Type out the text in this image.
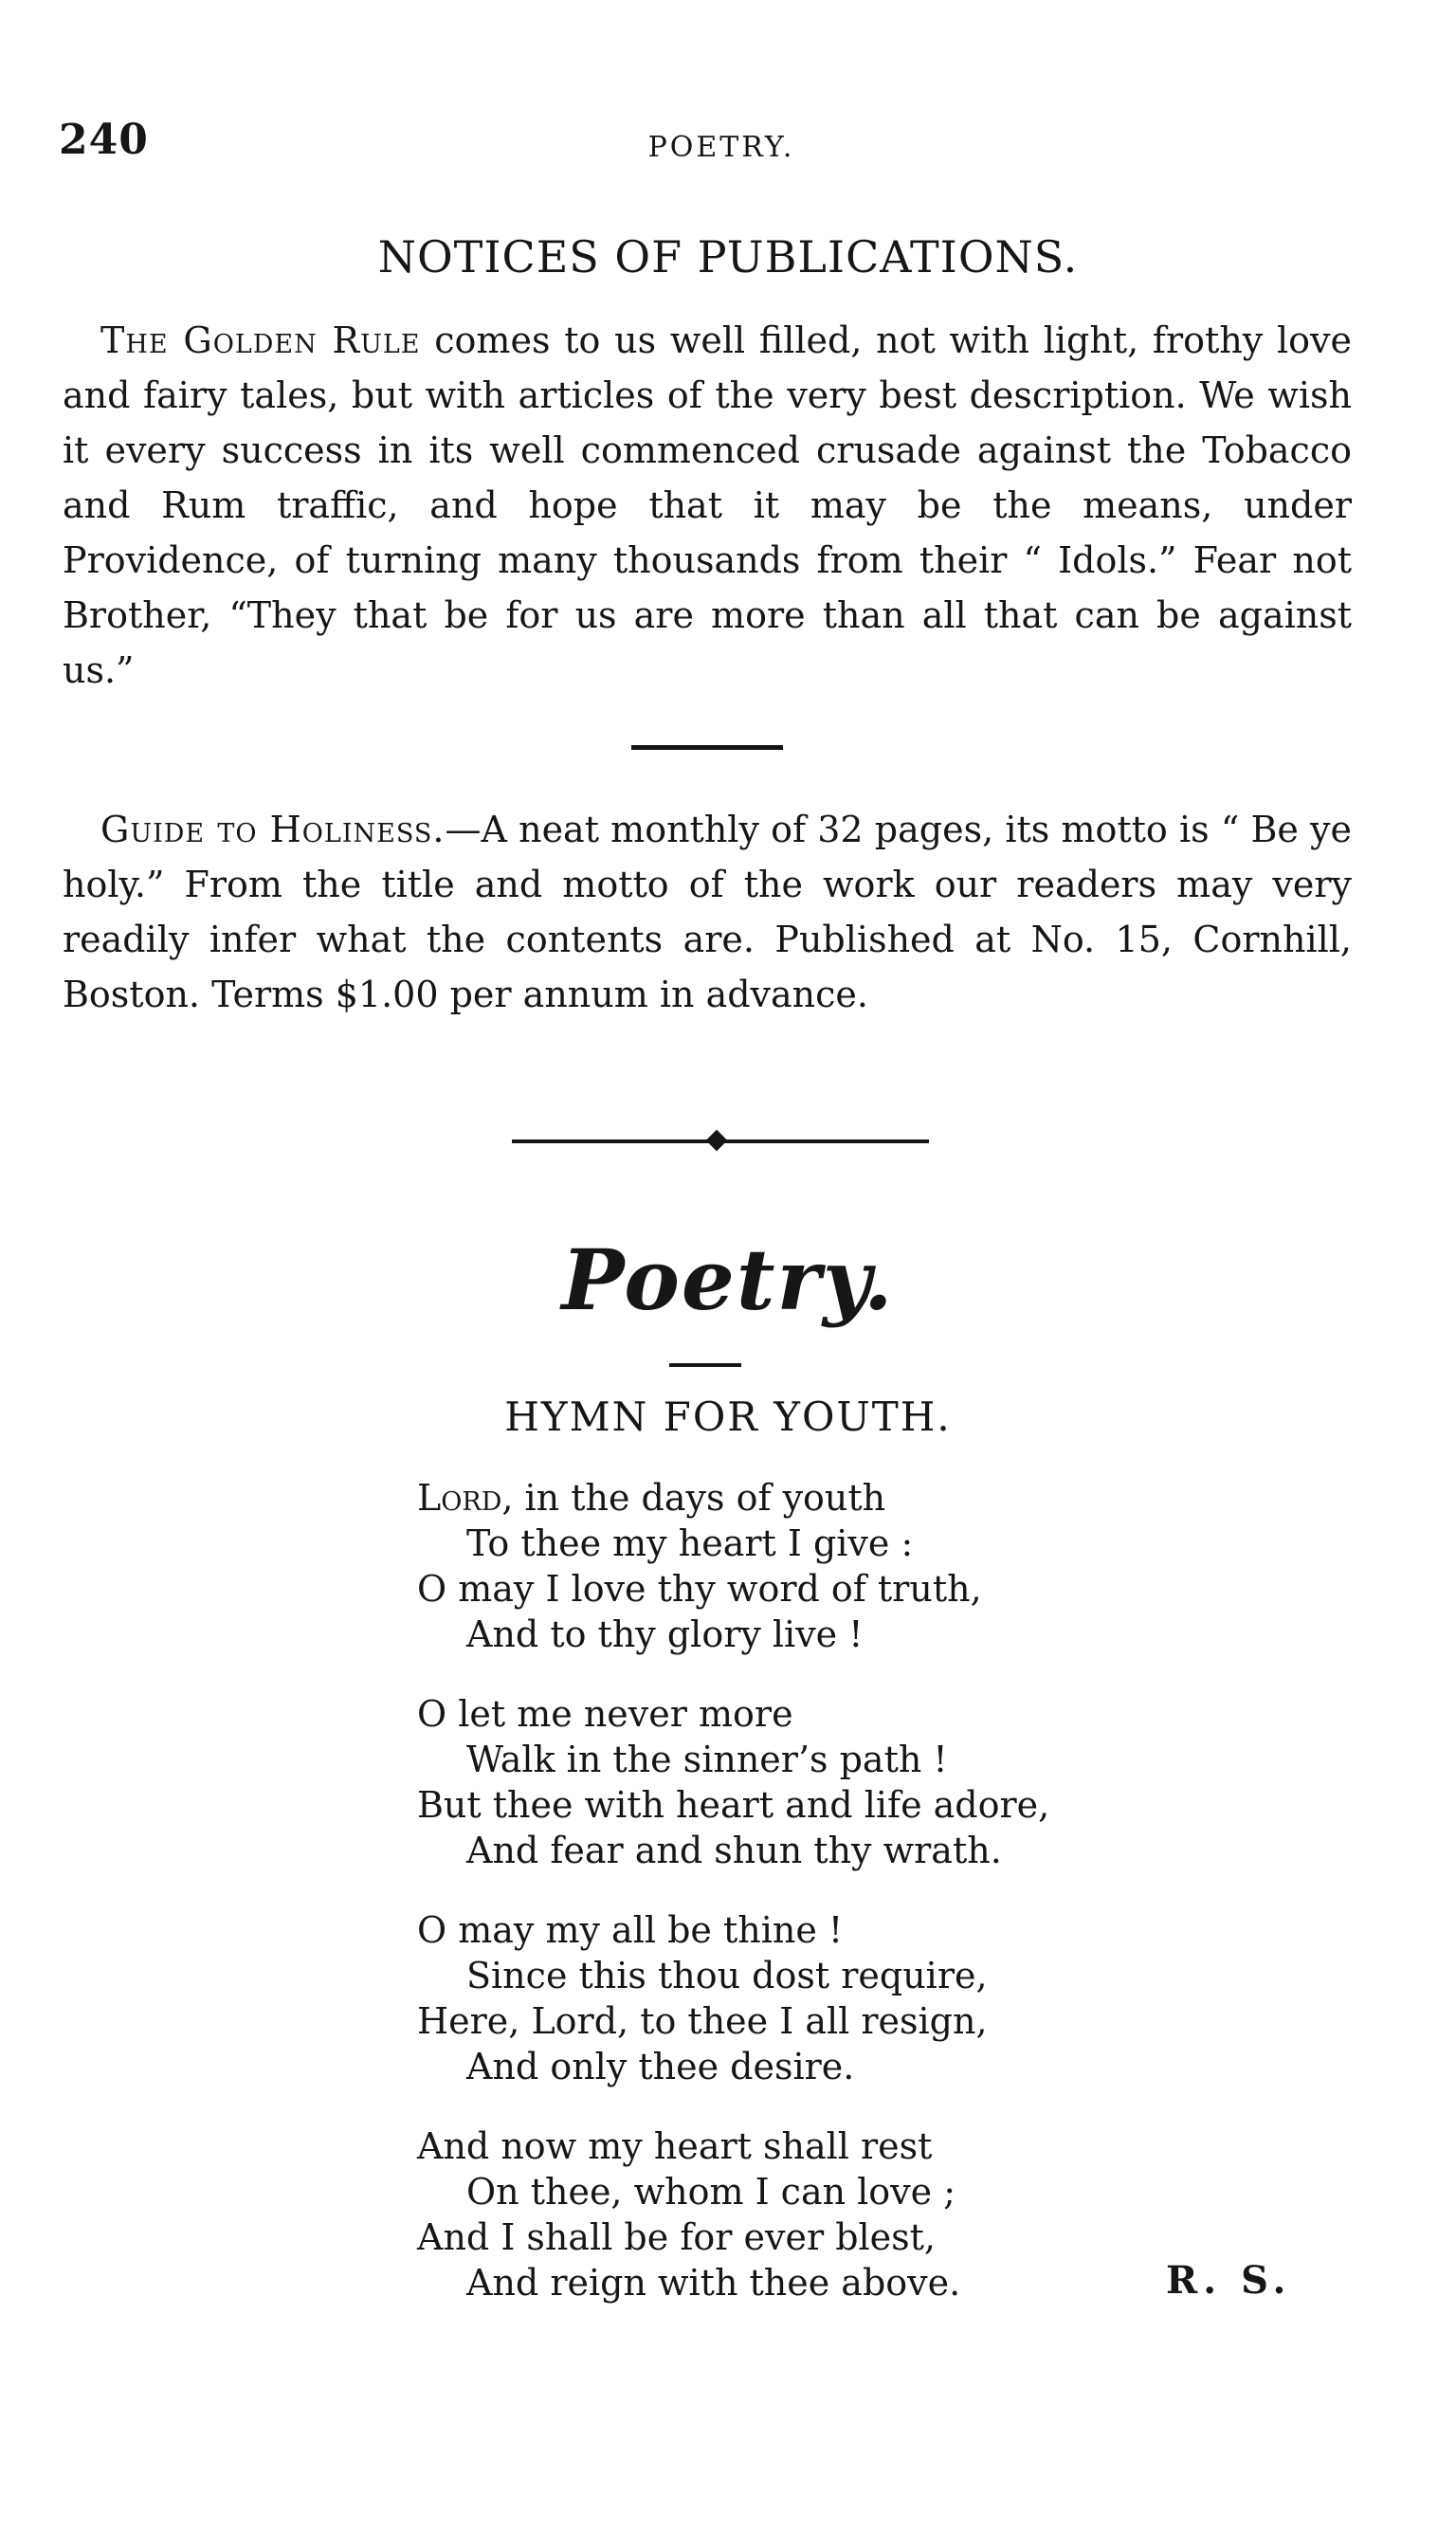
240	POETRY.
NOTICES OF PUBLICATIONS.

The Golden Rule comes to us well filled, not with light, frothy love and fairy tales, but with articles of the very best description. We wish it every success in its well commenced crusade against the Tobacco and Rum traffic, and hope that it may be the means, under Providence, of turning many thousands from their “ Idols.” Fear not Brother, “They that be for us are more than all that can be against us.”

Guide to Holiness.—A neat monthly of 32 pages, its motto is “ Be ye holy.” From the title and motto of the work our readers may very readily infer what the contents are. Published at No. 15, Cornhill, Boston. Terms $1.00 per annum in advance.

Poetry.
HYMN FOR YOUTH.
Lord, in the days of youth
To thee my heart I give :
O may I love thy word of truth,
And to thy glory live !
O let me never more
Walk in the sinner’s path !
But thee with heart and life adore,
And fear and shun thy wrath.
O may my all be thine !
Since this thou dost require,
Here, Lord, to thee I all resign,
And only thee desire.
And now my heart shall rest
On thee, whom I can love ;
And I shall be for ever blest,
And reign with thee above.	R. S.
